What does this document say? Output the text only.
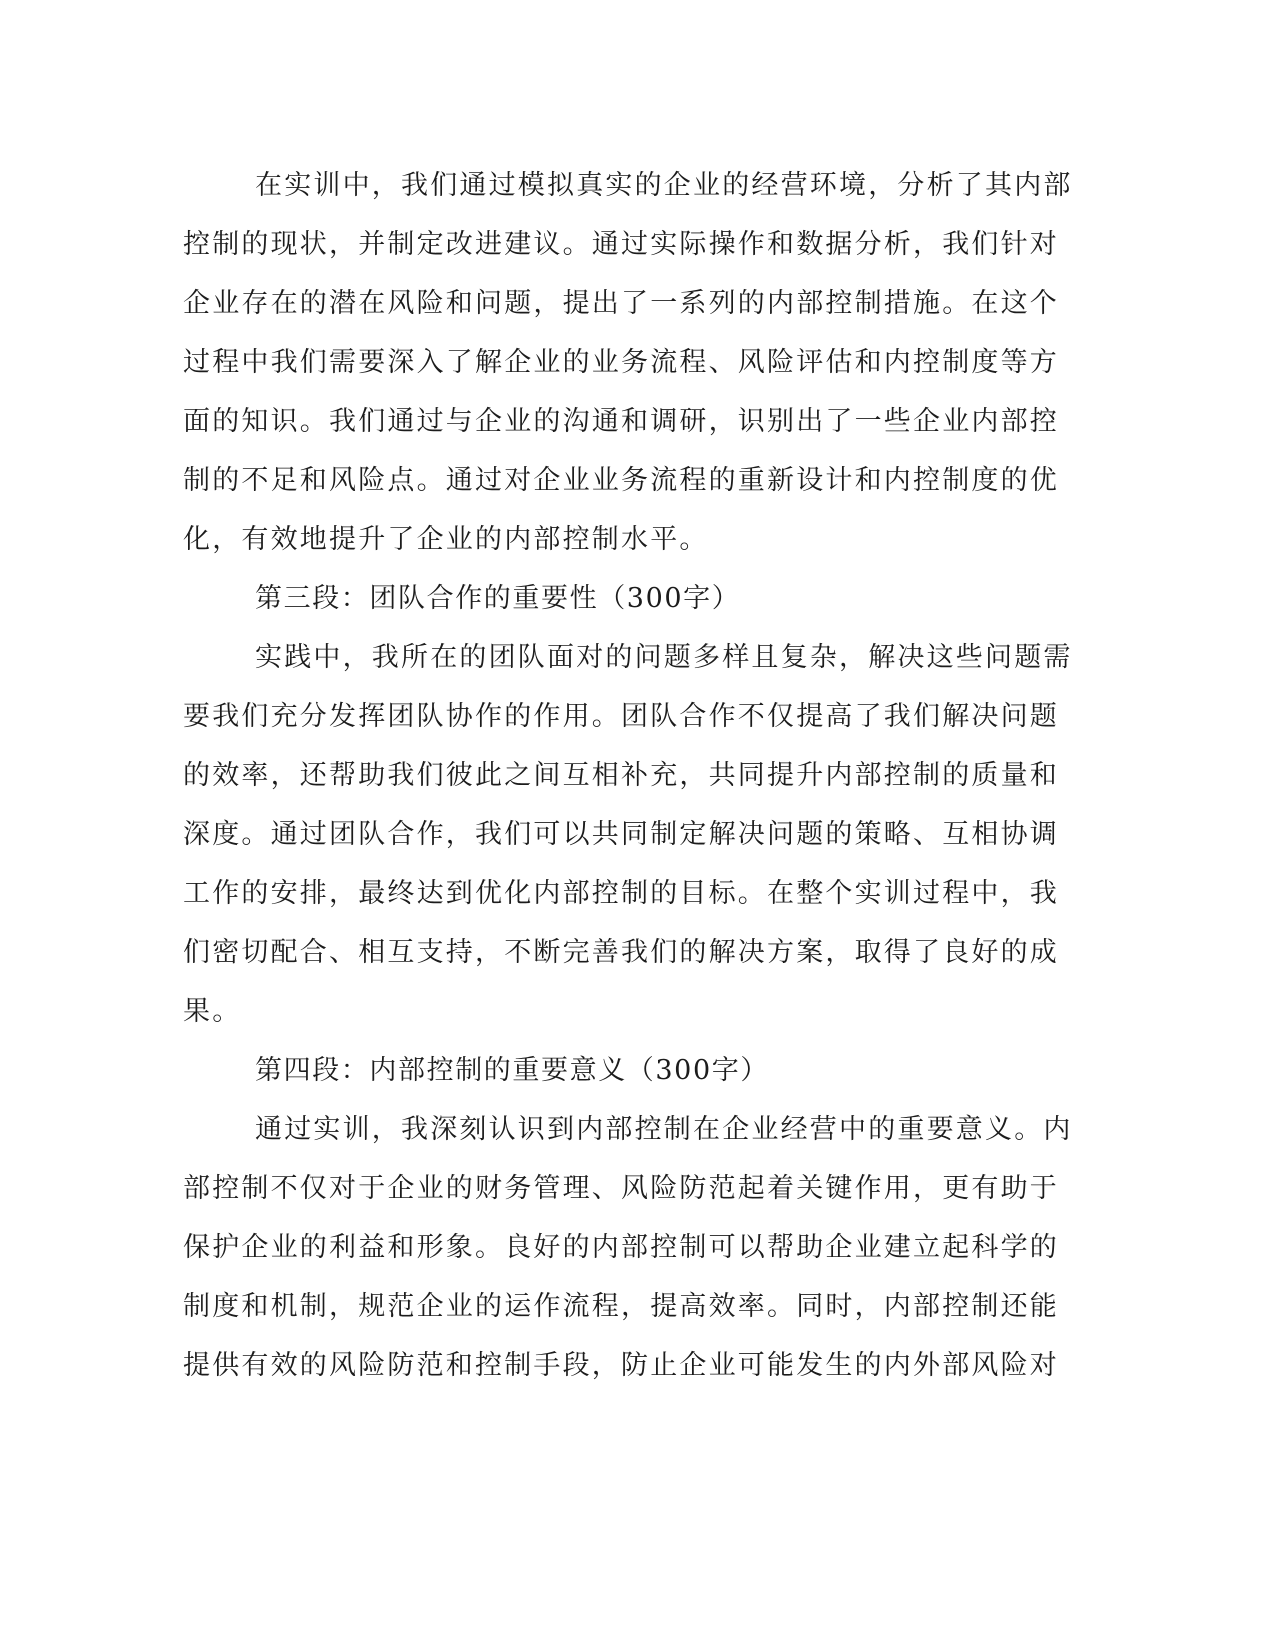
在实训中，我们通过模拟真实的企业的经营环境，分析了其内部
控制的现状，并制定改进建议。通过实际操作和数据分析，我们针对
企业存在的潜在风险和问题，提出了一系列的内部控制措施。在这个
过程中我们需要深入了解企业的业务流程、风险评估和内控制度等方
面的知识。我们通过与企业的沟通和调研，识别出了一些企业内部控
制的不足和风险点。通过对企业业务流程的重新设计和内控制度的优
化，有效地提升了企业的内部控制水平。
第三段：团队合作的重要性（300字）
实践中，我所在的团队面对的问题多样且复杂，解决这些问题需
要我们充分发挥团队协作的作用。团队合作不仅提高了我们解决问题
的效率，还帮助我们彼此之间互相补充，共同提升内部控制的质量和
深度。通过团队合作，我们可以共同制定解决问题的策略、互相协调
工作的安排，最终达到优化内部控制的目标。在整个实训过程中，我
们密切配合、相互支持，不断完善我们的解决方案，取得了良好的成
果。
第四段：内部控制的重要意义（300字）
通过实训，我深刻认识到内部控制在企业经营中的重要意义。内
部控制不仅对于企业的财务管理、风险防范起着关键作用，更有助于
保护企业的利益和形象。良好的内部控制可以帮助企业建立起科学的
制度和机制，规范企业的运作流程，提高效率。同时，内部控制还能
提供有效的风险防范和控制手段，防止企业可能发生的内外部风险对
